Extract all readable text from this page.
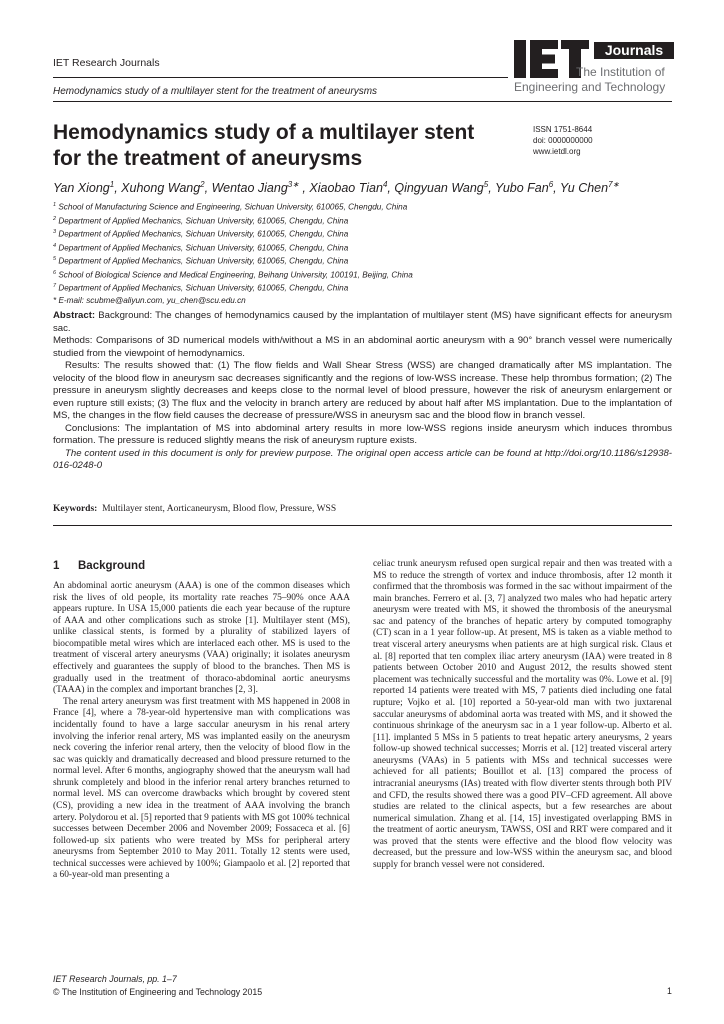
IET Research Journals
Hemodynamics study of a multilayer stent for the treatment of aneurysms
Journals
The Institution of
Engineering and Technology
Hemodynamics study of a multilayer stent
for the treatment of aneurysms
ISSN 1751-8644
doi: 0000000000
www.ietdl.org
Yan Xiong$^1$, Xuhong Wang$^2$, Wentao Jiang$^{3∗}$ , Xiaobao Tian$^4$, Qingyuan Wang$^5$, Yubo Fan$^6$, Yu Chen$^{7∗}$
$^1$ School of Manufacturing Science and Engineering, Sichuan University, 610065, Chengdu, China
$^2$ Department of Applied Mechanics, Sichuan University, 610065, Chengdu, China
$^3$ Department of Applied Mechanics, Sichuan University, 610065, Chengdu, China
$^4$ Department of Applied Mechanics, Sichuan University, 610065, Chengdu, China
$^5$ Department of Applied Mechanics, Sichuan University, 610065, Chengdu, China
$^6$ School of Biological Science and Medical Engineering, Beihang University, 100191, Beijing, China
$^7$ Department of Applied Mechanics, Sichuan University, 610065, Chengdu, China
* E-mail: scubme@aliyun.com, yu_chen@scu.edu.cn

Abstract: Background: The changes of hemodynamics caused by the implantation of multilayer stent (MS) have significant effects for aneurysm sac.

Methods: Comparisons of 3D numerical models with/without a MS in an abdominal aortic aneurysm with a 90° branch vessel were numerically studied from the viewpoint of hemodynamics.

Results: The results showed that: (1) The flow fields and Wall Shear Stress (WSS) are changed dramatically after MS implantation. The velocity of the blood flow in aneurysm sac decreases significantly and the regions of low-WSS increase. These help thrombus formation; (2) The pressure in aneurysm slightly decreases and keeps close to the normal level of blood pressure, however the risk of aneurysm enlargement or even rupture still exists; (3) The flux and the velocity in branch artery are reduced by about half after MS implantation. Due to the implantation of MS, the changes in the flow field causes the decrease of pressure/WSS in aneurysm sac and the blood flow in branch vessel.

Conclusions: The implantation of MS into abdominal artery results in more low-WSS regions inside aneurysm which induces thrombus formation. The pressure is reduced slightly means the risk of aneurysm rupture exists.

The content used in this document is only for preview purpose. The original open access article can be found at http://doi.org/10.1186/s12938-016-0248-0

Keywords: Multilayer stent, Aorticaneurysm, Blood flow, Pressure, WSS
1 Background

An abdominal aortic aneurysm (AAA) is one of the common diseases which risk the lives of old people, its mortality rate reaches 75–90% once AAA appears rupture. In USA 15,000 patients die each year because of the rupture of AAA and other complications such as stroke [1]. Multilayer stent (MS), unlike classical stents, is formed by a plurality of stabilized layers of biocompatible metal wires which are interlaced each other. MS is used to the treatment of visceral artery aneurysms (VAA) originally; it isolates aneurysm effectively and guarantees the supply of blood to the branches. Then MS is gradually used in the treatment of thoraco-abdominal aortic aneurysms (TAAA) in the complex and important branches [2, 3].

The renal artery aneurysm was first treatment with MS happened in 2008 in France [4], where a 78-year-old hypertensive man with complications was incidentally found to have a large saccular aneurysm in his renal artery involving the inferior renal artery, MS was implanted easily on the aneurysm neck covering the inferior renal artery, then the velocity of blood flow in the sac was quickly and dramatically decreased and blood pressure returned to the normal level. After 6 months, angiography showed that the aneurysm wall had shrunk completely and blood in the inferior renal artery branches returned to normal level. MS can overcome drawbacks which brought by covered stent (CS), providing a new idea in the treatment of AAA involving the branch artery. Polydorou et al. [5] reported that 9 patients with MS got 100% technical successes between December 2006 and November 2009; Fossaceca et al. [6] followed-up six patients who were treated by MSs for peripheral artery aneurysms from September 2010 to May 2011. Totally 12 stents were used, technical successes were achieved by 100%; Giampaolo et al. [2] reported that a 60-year-old man presenting a

celiac trunk aneurysm refused open surgical repair and then was treated with a MS to reduce the strength of vortex and induce thrombosis, after 12 month it confirmed that the thrombosis was formed in the sac without impairment of the main branches. Ferrero et al. [3, 7] analyzed two males who had hepatic artery aneurysm were treated with MS, it showed the thrombosis of the aneurysmal sac and patency of the branches of hepatic artery by computed tomography (CT) scan in a 1 year follow-up. At present, MS is taken as a viable method to treat visceral artery aneurysms when patients are at high surgical risk. Claus et al. [8] reported that ten complex iliac artery aneurysm (IAA) were treated in 8 patients between October 2010 and August 2012, the results showed stent placement was technically successful and the mortality was 0%. Lowe et al. [9] reported 14 patients were treated with MS, 7 patients died including one fatal rupture; Vojko et al. [10] reported a 50-year-old man with two juxtarenal saccular aneurysms of abdominal aorta was treated with MS, and it showed the continuous shrinkage of the aneurysm sac in a 1 year follow-up. Alberto et al. [11]. implanted 5 MSs in 5 patients to treat hepatic artery aneurysms, 2 years follow-up showed technical successes; Morris et al. [12] treated visceral artery aneurysms (VAAs) in 5 patients with MSs and technical successes were achieved for all patients; Bouillot et al. [13] compared the process of intracranial aneurysms (IAs) treated with flow diverter stents through both PIV and CFD, the results showed there was a good PIV–CFD agreement. All above studies are related to the clinical aspects, but a few researches are about numerical simulation. Zhang et al. [14, 15] investigated overlapping BMS in the treatment of aortic aneurysm, TAWSS, OSI and RRT were compared and it was proved that the stents were effective and the blood flow velocity was decreased, but the pressure and low-WSS within the aneurysm sac, and blood supply for branch vessel were not considered.

IET Research Journals, pp. 1–7
© The Institution of Engineering and Technology 2015	1
